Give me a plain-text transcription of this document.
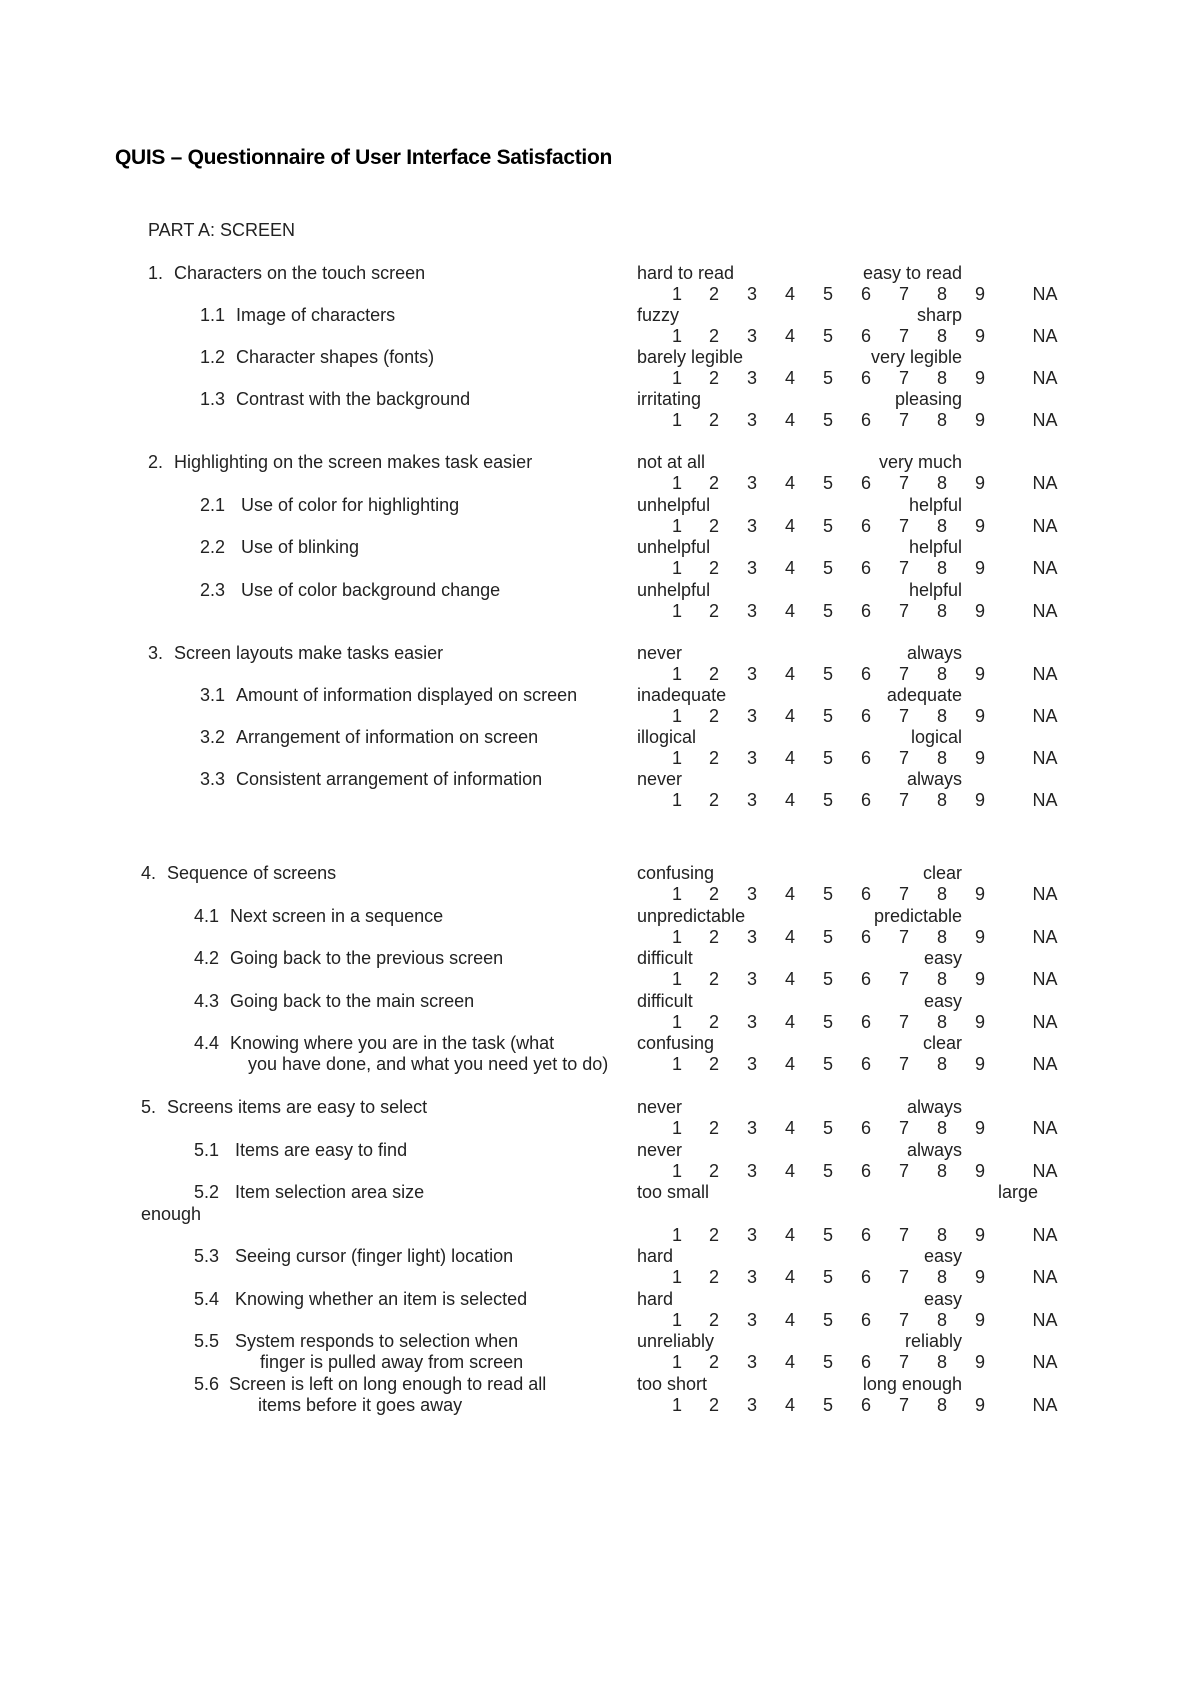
QUIS – Questionnaire of User Interface Satisfaction
PART A: SCREEN
1. Characters on the touch screen	hard to read	easy to read
1 2 3 4 5 6 7 8 9	NA
1.1 Image of characters	fuzzy	sharp
1 2 3 4 5 6 7 8 9	NA
1.2 Character shapes (fonts)	barely legible	very legible
1 2 3 4 5 6 7 8 9	NA
1.3 Contrast with the background	irritating	pleasing
1 2 3 4 5 6 7 8 9	NA
2. Highlighting on the screen makes task easier	not at all	very much
1 2 3 4 5 6 7 8 9	NA
2.1 Use of color for highlighting	unhelpful	helpful
1 2 3 4 5 6 7 8 9	NA
2.2 Use of blinking	unhelpful	helpful
1 2 3 4 5 6 7 8 9	NA
2.3 Use of color background change	unhelpful	helpful
1 2 3 4 5 6 7 8 9	NA
3. Screen layouts make tasks easier	never	always
1 2 3 4 5 6 7 8 9	NA
3.1 Amount of information displayed on screen	inadequate	adequate
1 2 3 4 5 6 7 8 9	NA
3.2 Arrangement of information on screen	illogical	logical
1 2 3 4 5 6 7 8 9	NA
3.3 Consistent arrangement of information	never	always
1 2 3 4 5 6 7 8 9	NA
4. Sequence of screens	confusing	clear
1 2 3 4 5 6 7 8 9	NA
4.1 Next screen in a sequence	unpredictable	predictable
1 2 3 4 5 6 7 8 9	NA
4.2 Going back to the previous screen	difficult	easy
1 2 3 4 5 6 7 8 9	NA
4.3 Going back to the main screen	difficult	easy
1 2 3 4 5 6 7 8 9	NA
4.4 Knowing where you are in the task (what
you have done, and what you need yet to do)
confusing	clear
1 2 3 4 5 6 7 8 9	NA
5. Screens items are easy to select	never	always
1 2 3 4 5 6 7 8 9	NA
5.1 Items are easy to find	never	always
1 2 3 4 5 6 7 8 9	NA
5.2 Item selection area size
enough
too small	large
1 2 3 4 5 6 7 8 9	NA
5.3 Seeing cursor (finger light) location	hard	easy
1 2 3 4 5 6 7 8 9	NA
5.4 Knowing whether an item is selected	hard	easy
1 2 3 4 5 6 7 8 9	NA
5.5 System responds to selection when
finger is pulled away from screen
unreliably	reliably
1 2 3 4 5 6 7 8 9	NA
5.6 Screen is left on long enough to read all
items before it goes away
too short	long enough
1 2 3 4 5 6 7 8 9	NA
